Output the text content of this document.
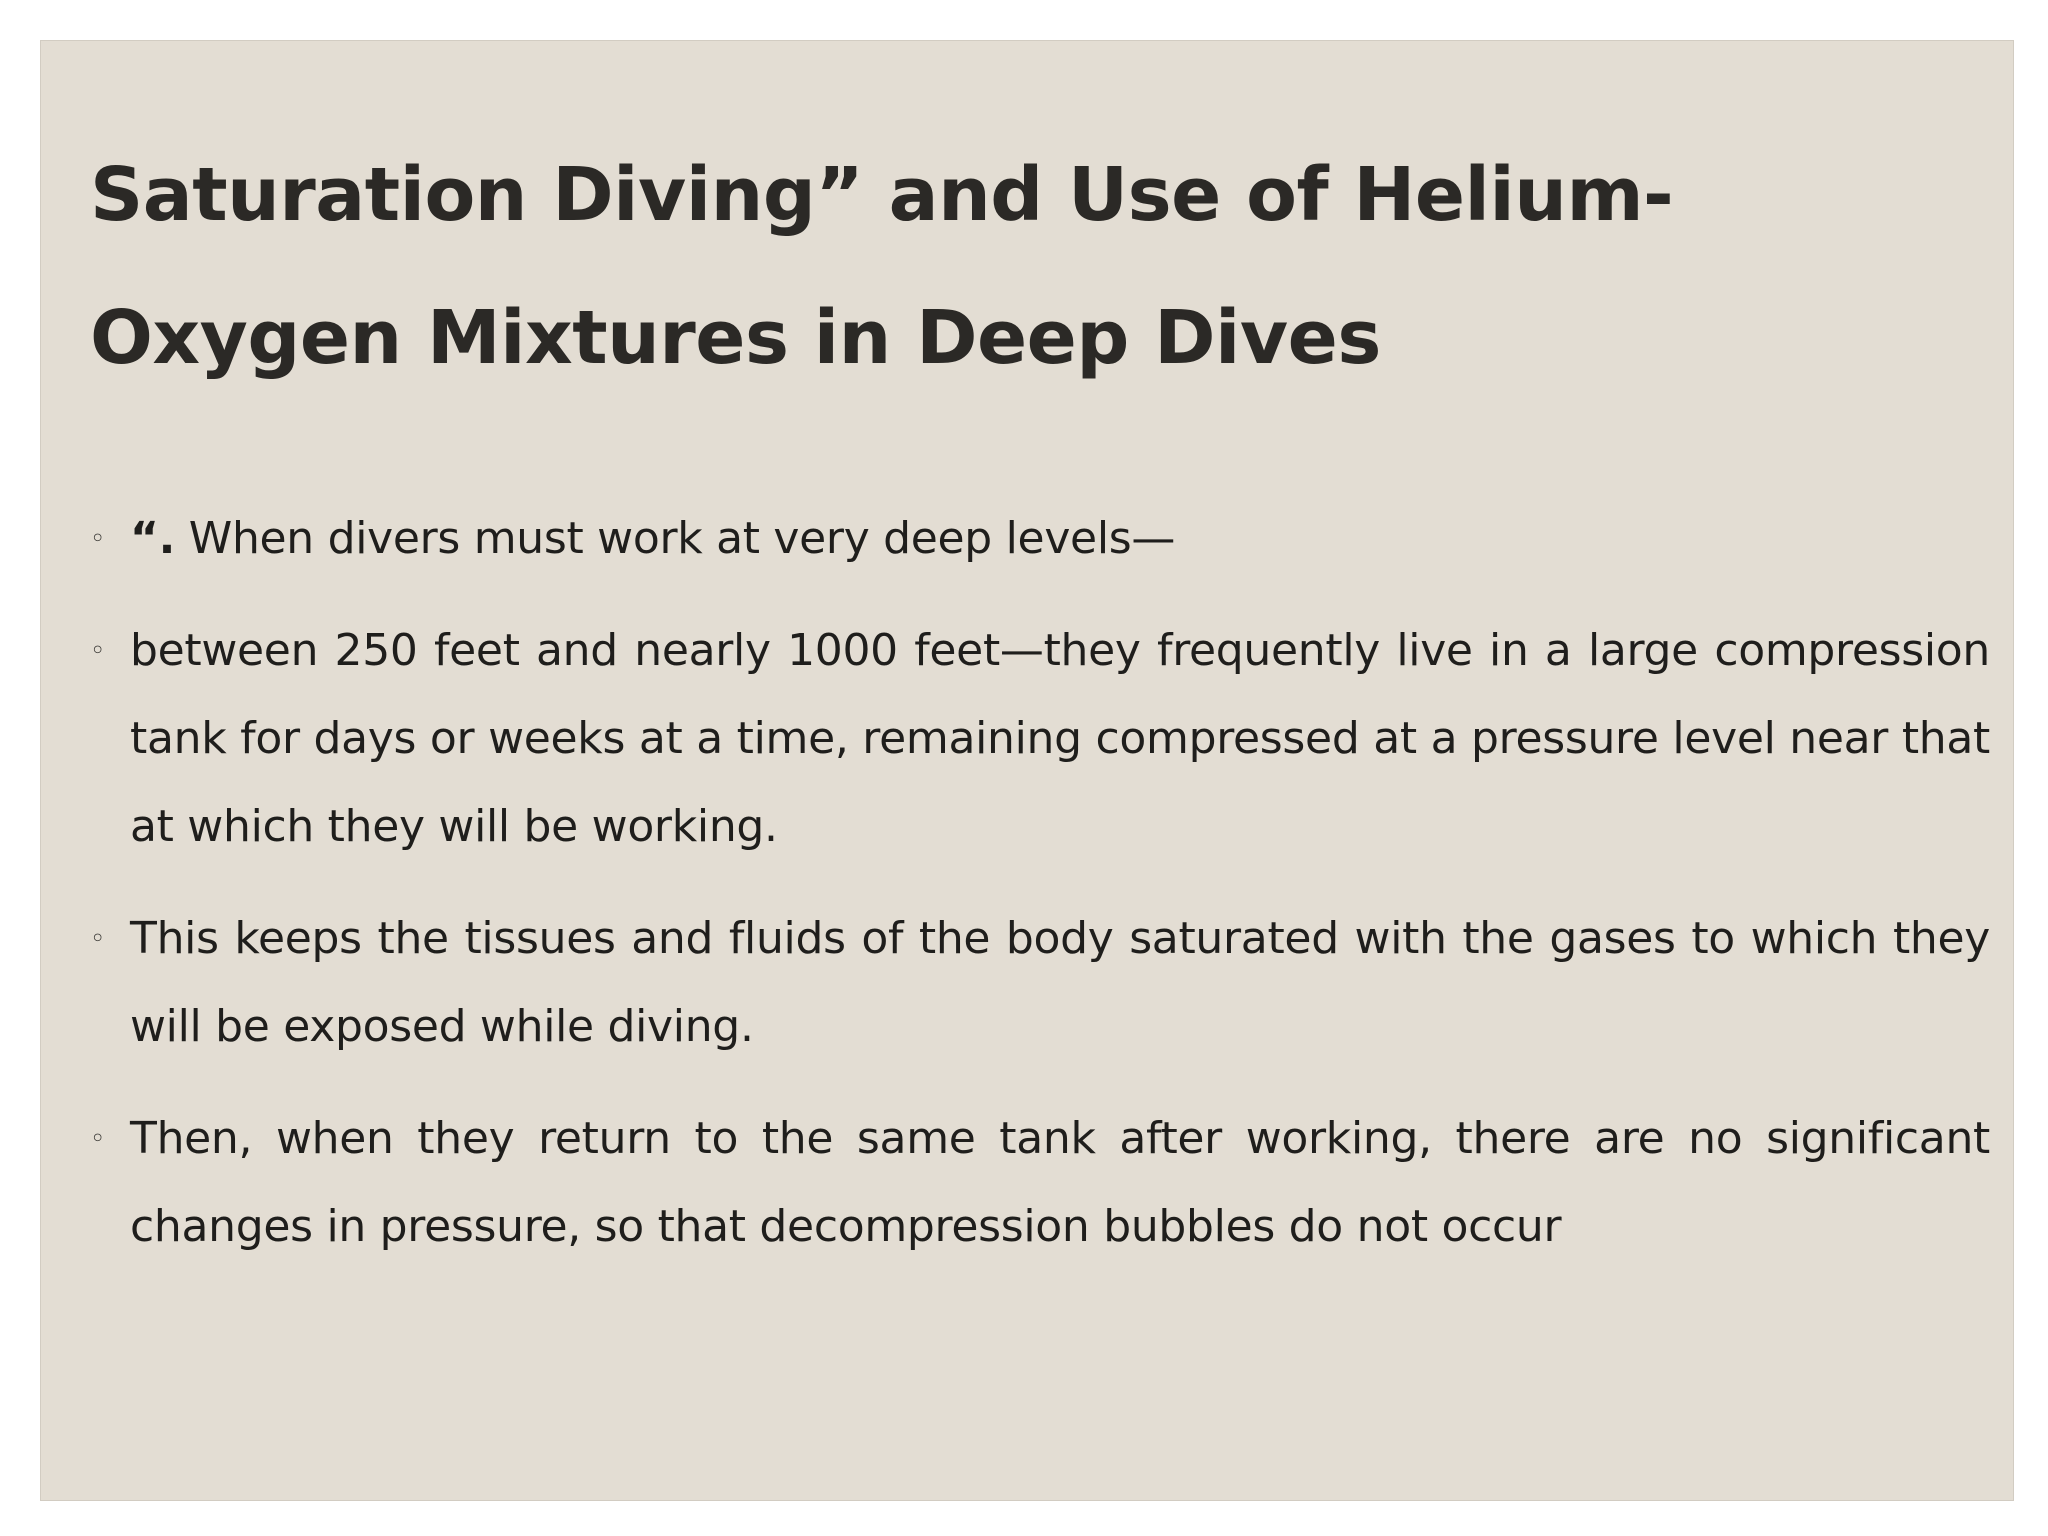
Saturation Diving” and Use of Helium-Oxygen Mixtures in Deep Dives
◦ “. When divers must work at very deep levels—
◦ between 250 feet and nearly 1000 feet—they frequently live in a large compression tank for days or weeks at a time, remaining compressed at a pressure level near that at which they will be working.
◦ This keeps the tissues and fluids of the body saturated with the gases to which they will be exposed while diving.
◦ Then, when they return to the same tank after working, there are no significant changes in pressure, so that decompression bubbles do not occur
